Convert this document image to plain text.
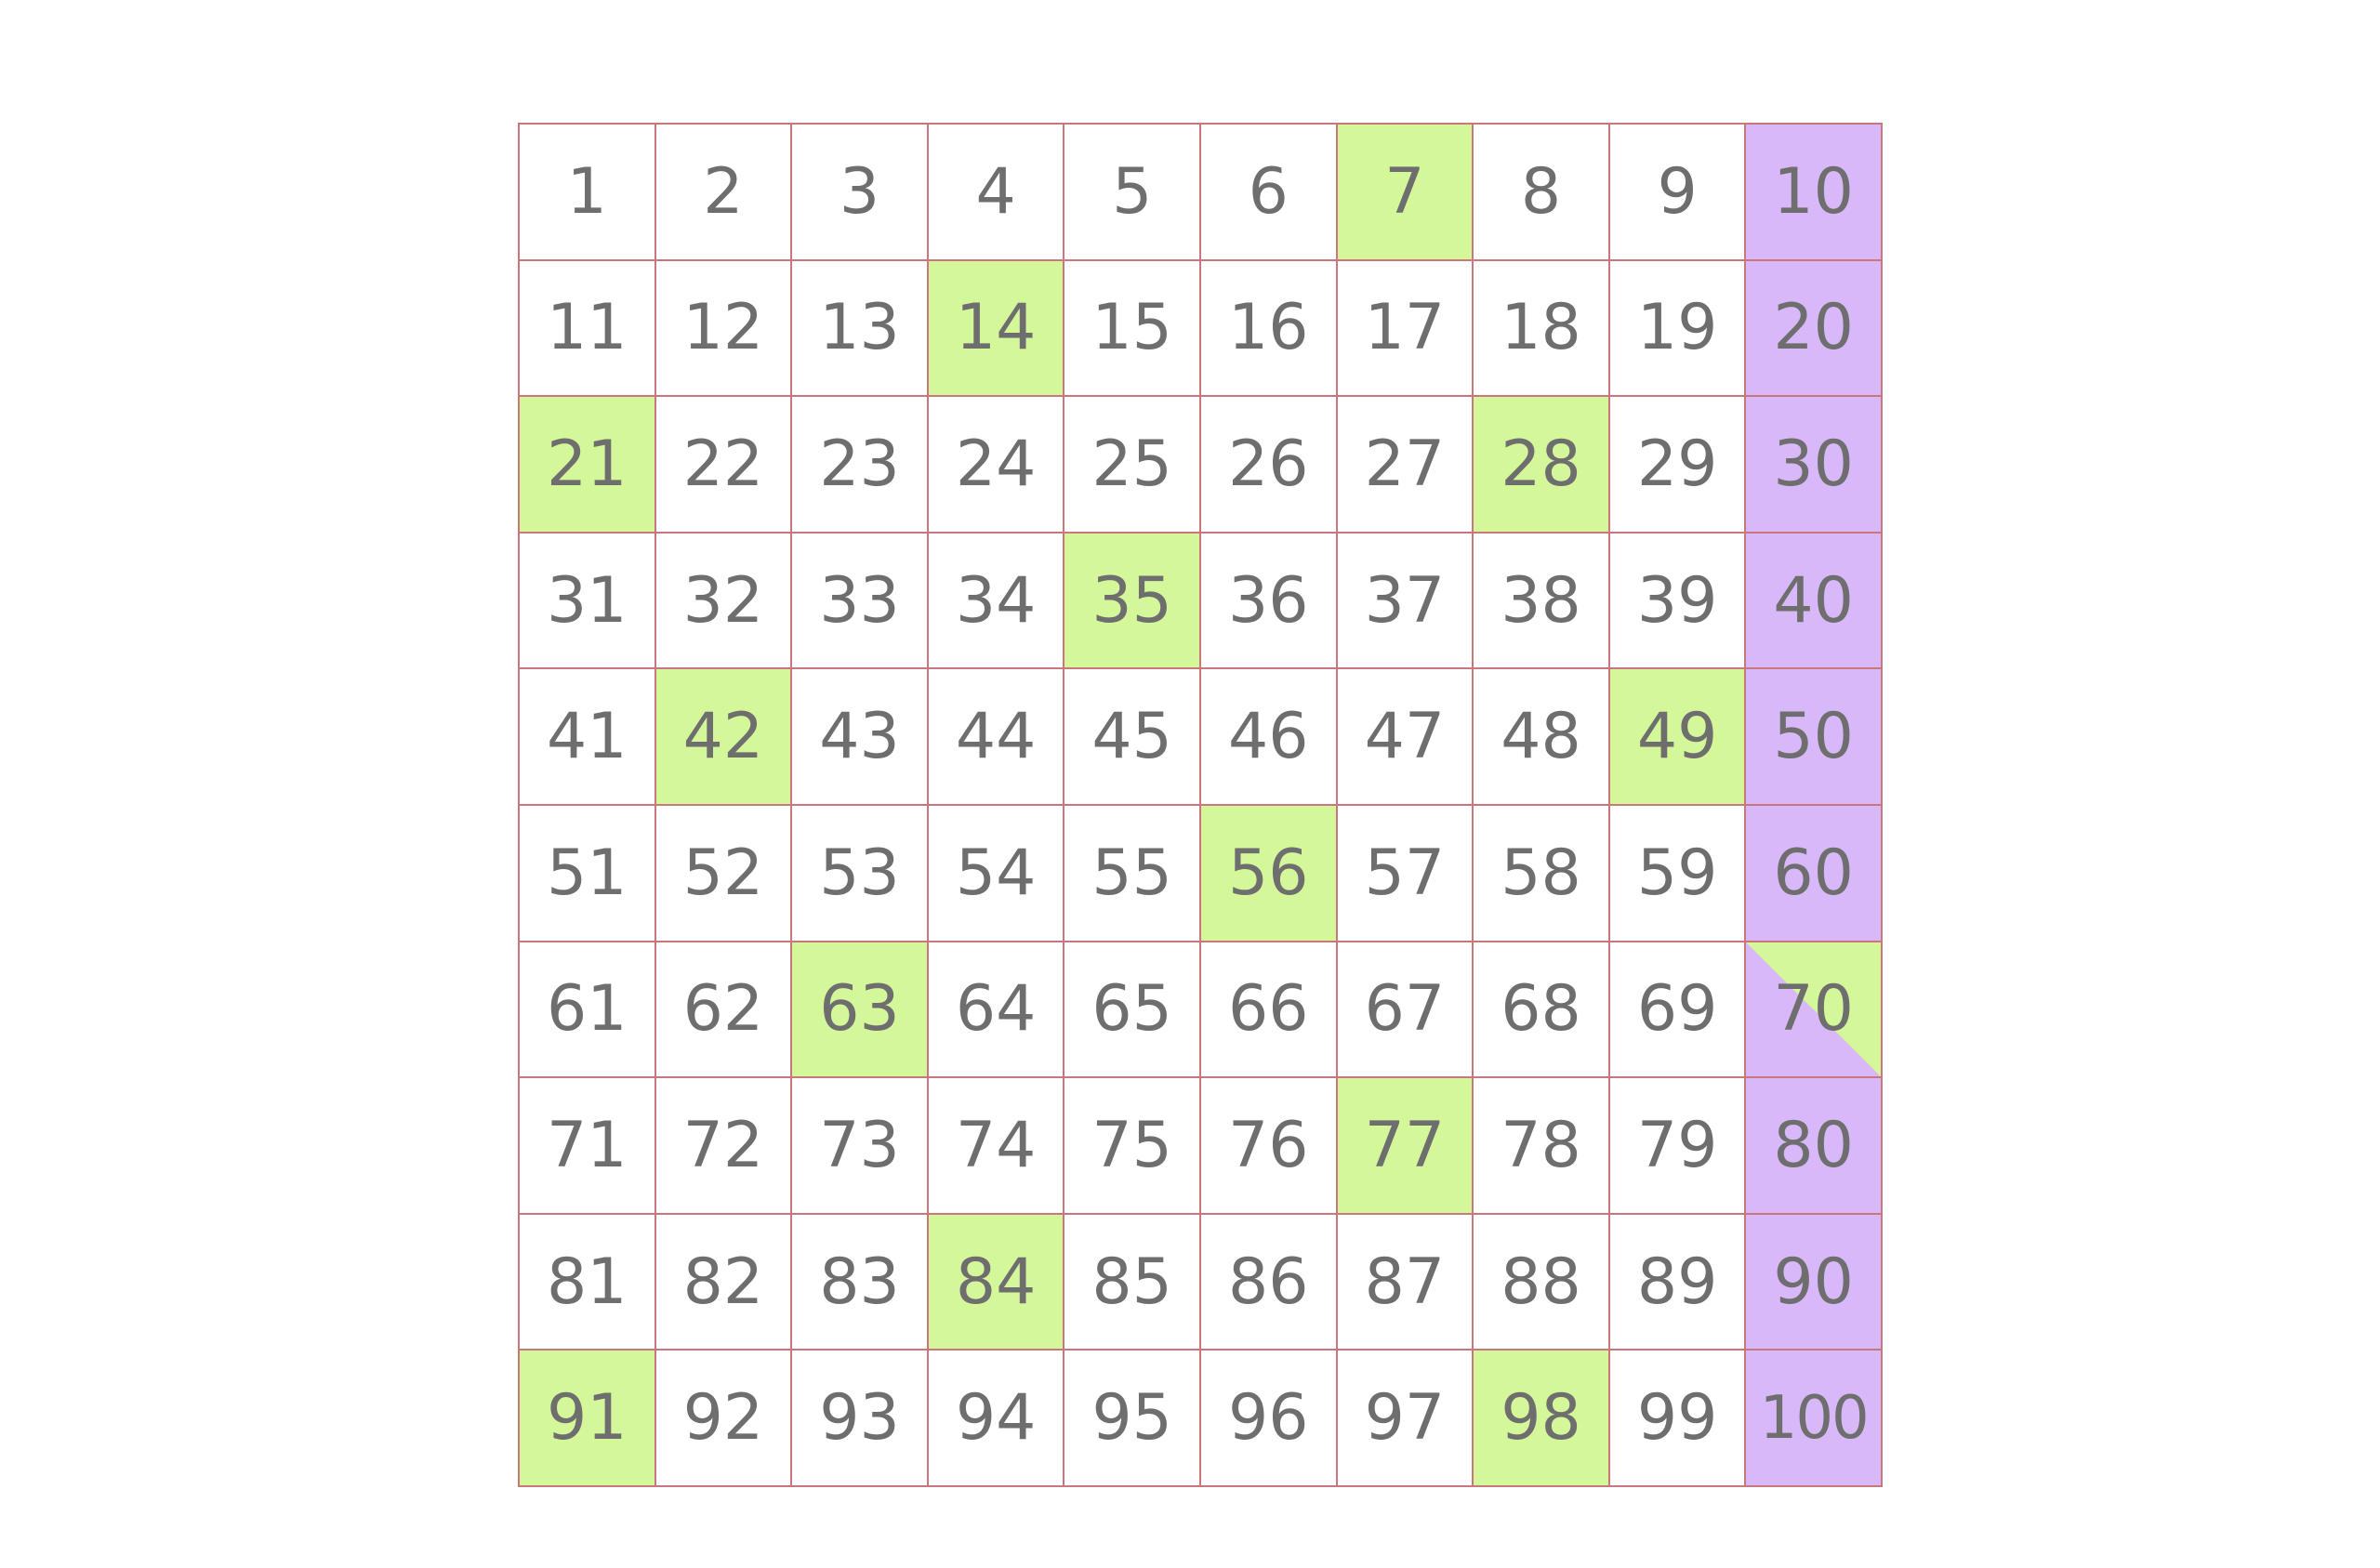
1	2	3	4	5	6	7	8	9	10
11 12 13 14 15 16 17 18 19 20
21 22 23 24 25 26 27 28 29 30
31 32 33 34 35 36 37 38 39 40
41 42 43 44 45 46 47 48 49 50
51 52 53 54 55 56 57 58 59 60
61 62 63 64 65 66 67 68 69 70
71 72 73 74 75 76 77 78 79 80
81 82 83 84 85 86 87 88 89 90
91 92 93 94 95 96 97 98 99 100
